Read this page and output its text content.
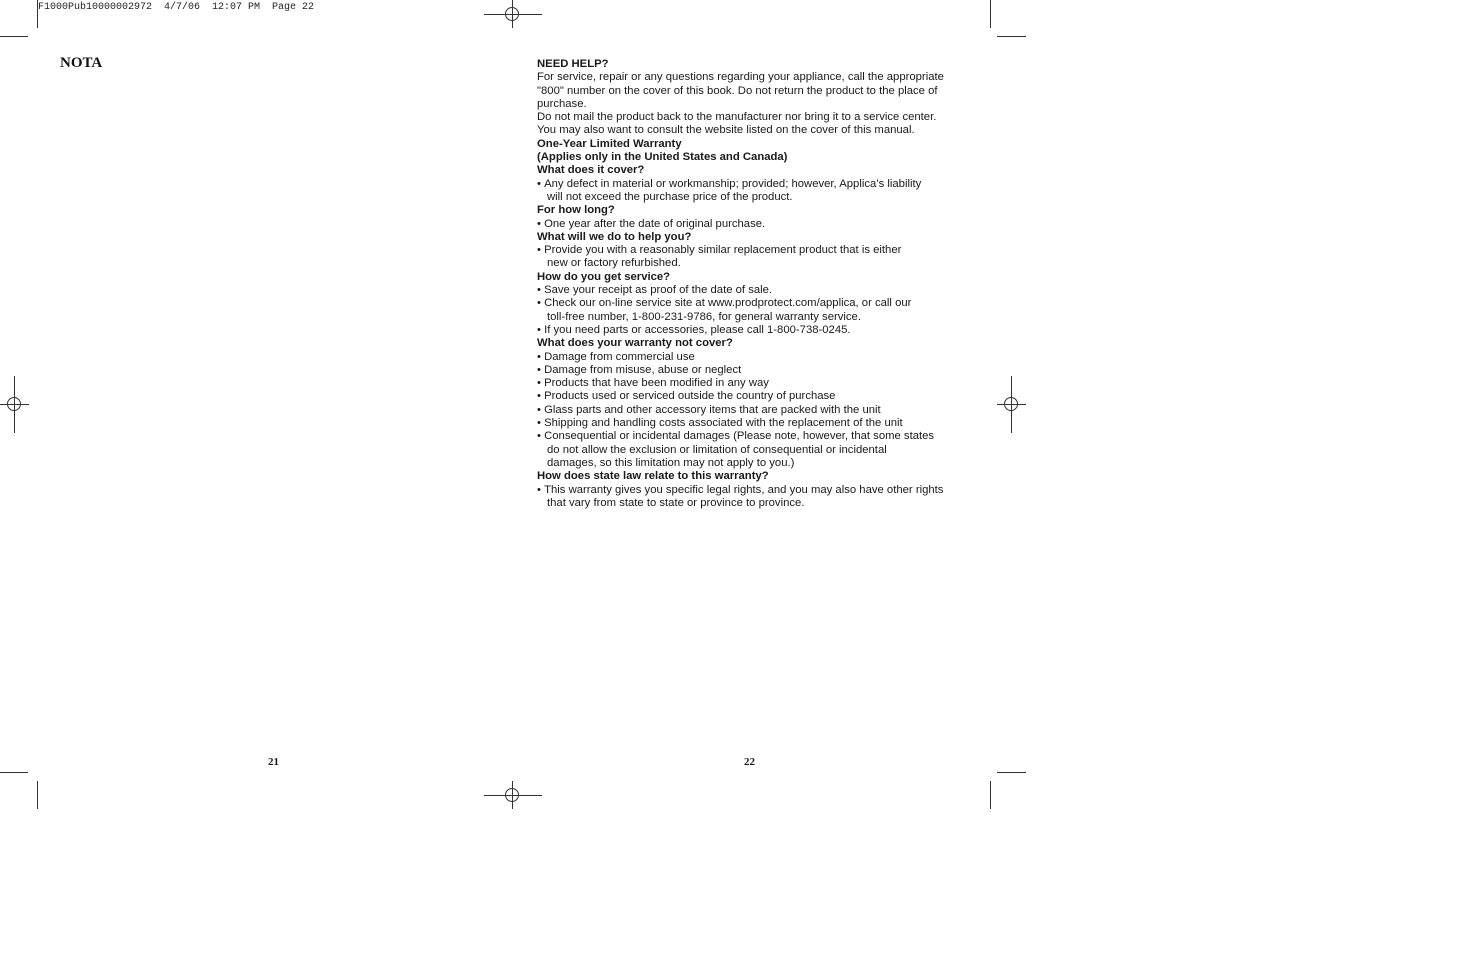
F1000Pub10000002972  4/7/06  12:07 PM  Page 22
NOTA
21

NEED HELP?

For service, repair or any questions regarding your appliance, call the appropriate

"800" number on the cover of this book. Do not return the product to the place of

purchase.

Do not mail the product back to the manufacturer nor bring it to a service center.

You may also want to consult the website listed on the cover of this manual.

One-Year Limited Warranty

(Applies only in the United States and Canada)

What does it cover?

• Any defect in material or workmanship; provided; however, Applica’s liability
will not exceed the purchase price of the product.

For how long?

• One year after the date of original purchase.

What will we do to help you?

• Provide you with a reasonably similar replacement product that is either
new or factory refurbished.

How do you get service?

• Save your receipt as proof of the date of sale.

• Check our on-line service site at www.prodprotect.com/applica, or call our
toll-free number, 1-800-231-9786, for general warranty service.

• If you need parts or accessories, please call 1-800-738-0245.

What does your warranty not cover?

• Damage from commercial use

• Damage from misuse, abuse or neglect

• Products that have been modified in any way

• Products used or serviced outside the country of purchase

• Glass parts and other accessory items that are packed with the unit

• Shipping and handling costs associated with the replacement of the unit

• Consequential or incidental damages (Please note, however, that some states
do not allow the exclusion or limitation of consequential or incidental
damages, so this limitation may not apply to you.)

How does state law relate to this warranty?

• This warranty gives you specific legal rights, and you may also have other rights
that vary from state to state or province to province.

22
